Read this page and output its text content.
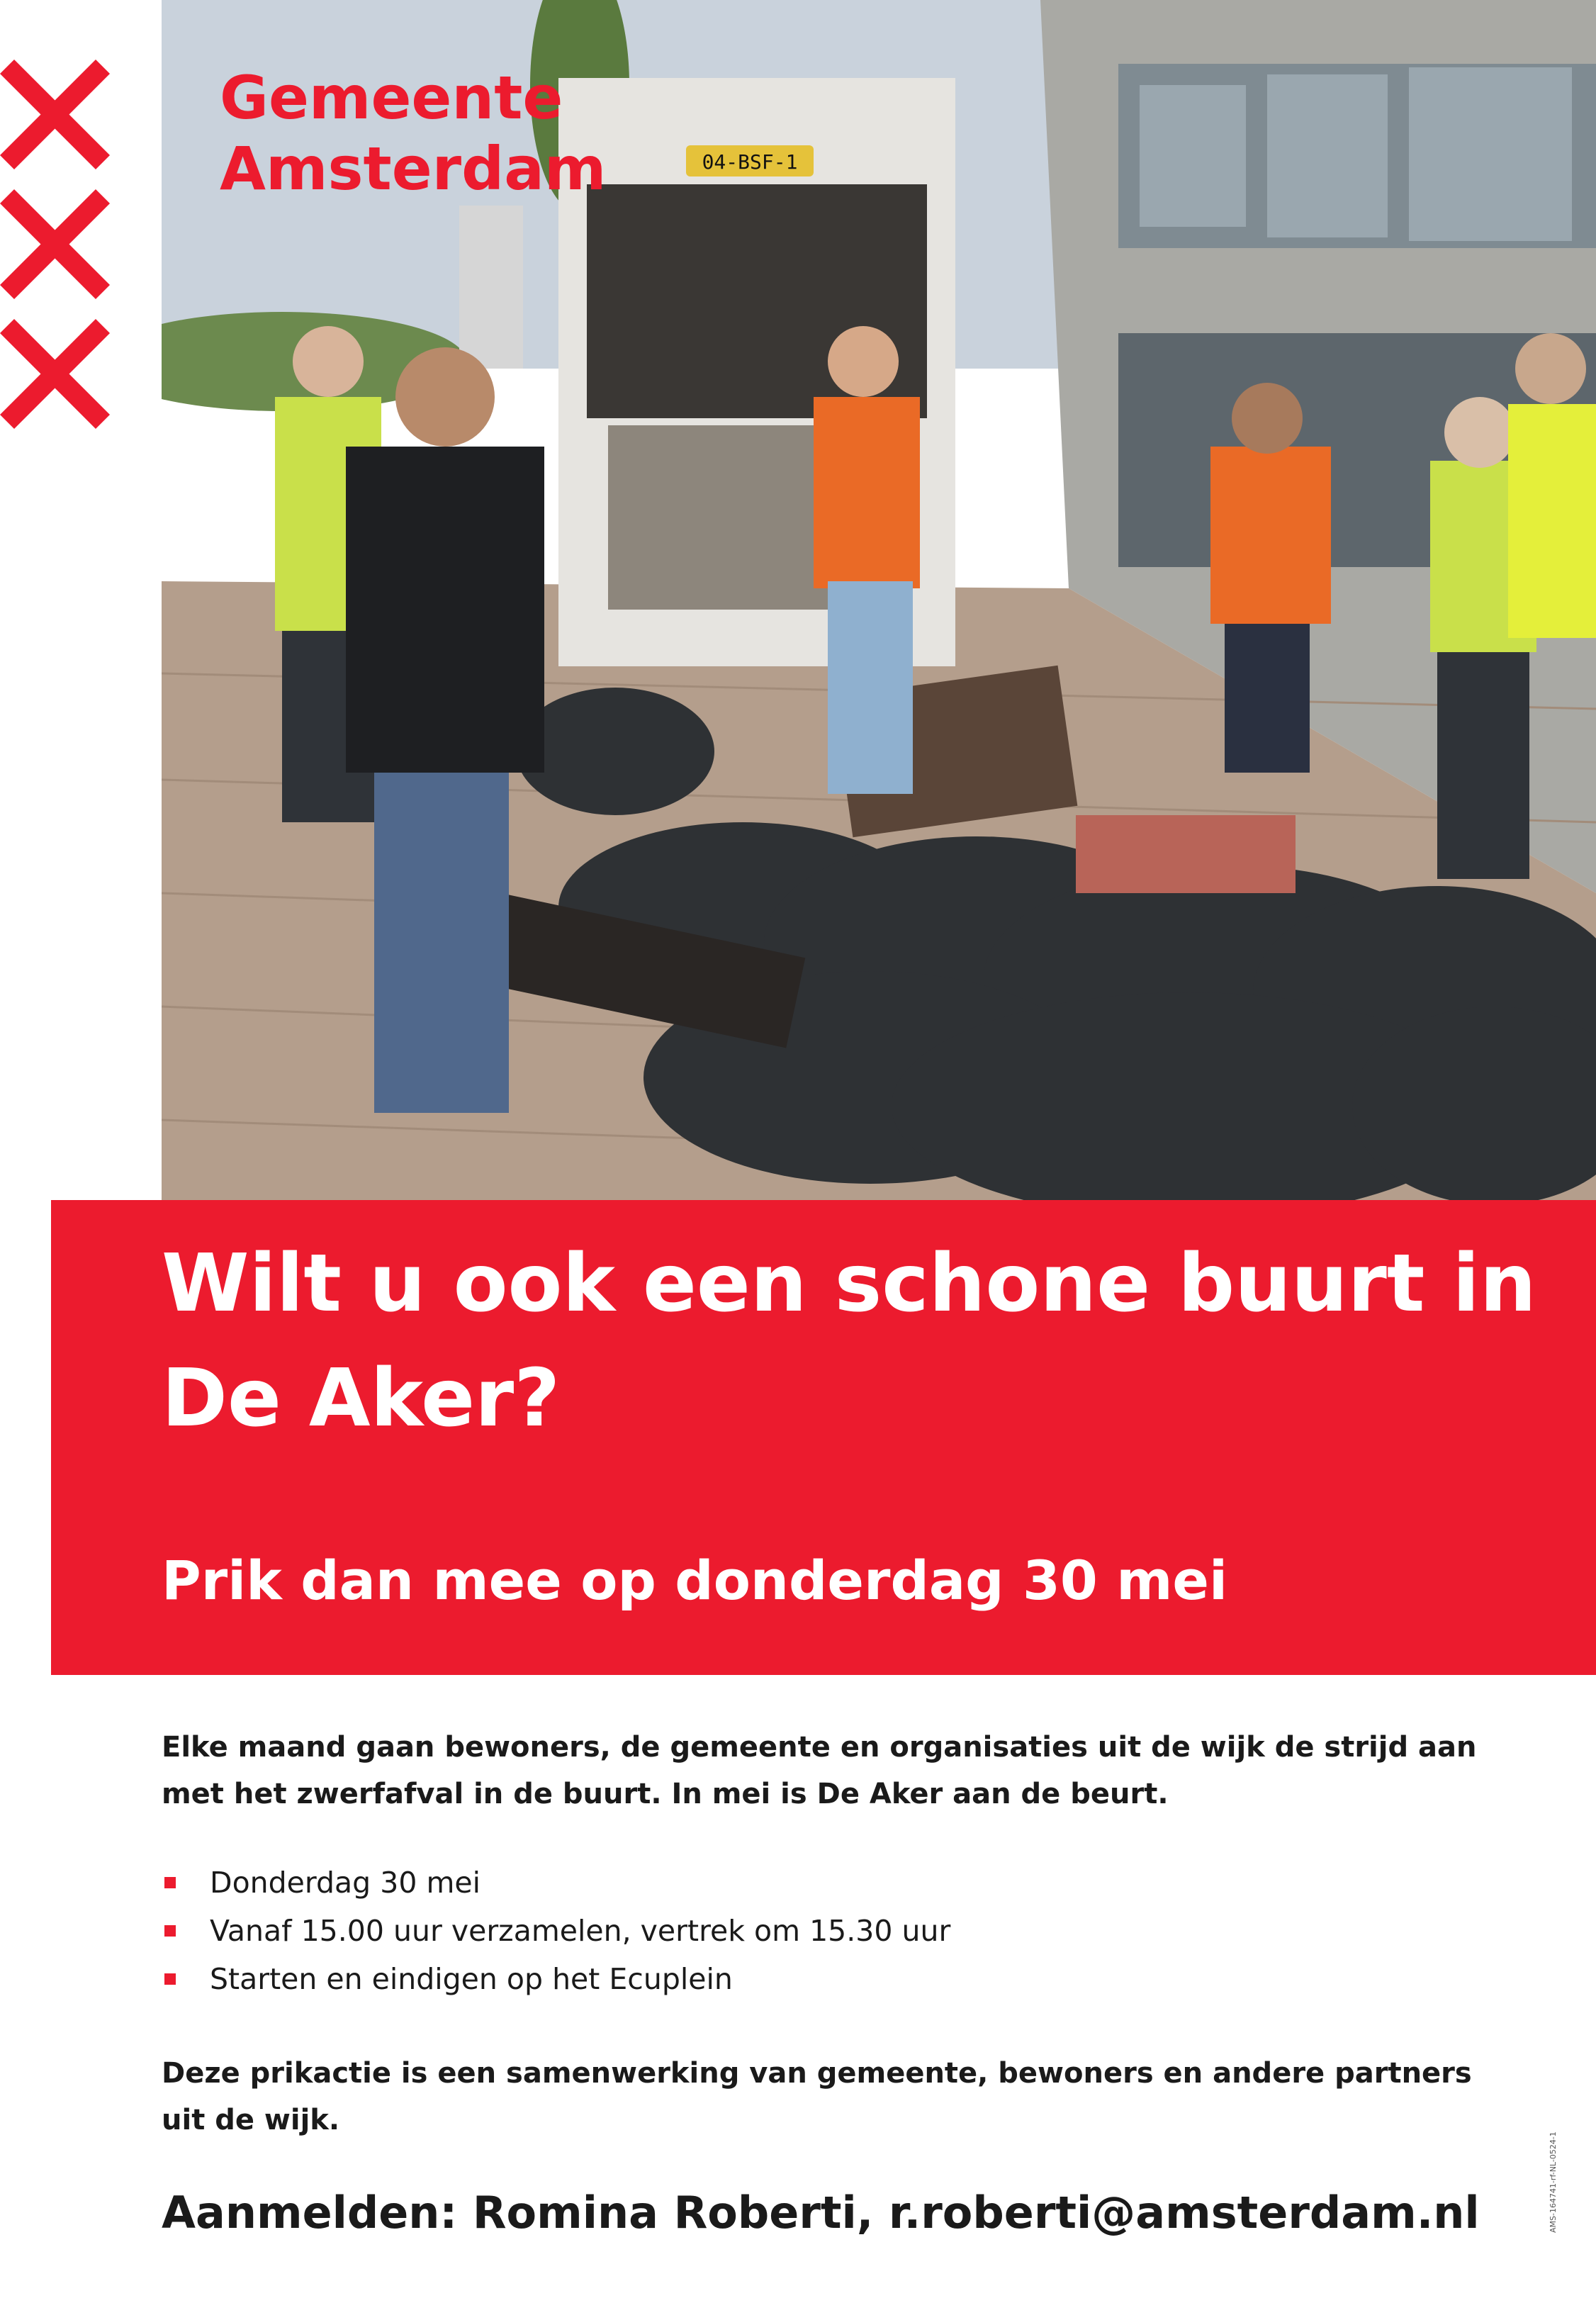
04-BSF-1
Gemeente
Amsterdam
Wilt u ook een schone buurt in De Aker?
Prik dan mee op donderdag 30 mei
Elke maand gaan bewoners, de gemeente en organisaties uit de wijk de strijd aan met het zwerfafval in de buurt. In mei is De Aker aan de beurt.
Donderdag 30 mei
Vanaf 15.00 uur verzamelen, vertrek om 15.30 uur
Starten en eindigen op het Ecuplein
Deze prikactie is een samenwerking van gemeente, bewoners en andere partners uit de wijk.
Aanmelden: Romina Roberti, r.roberti@amsterdam.nl	AMS-164741-rf-NL-0524-1
